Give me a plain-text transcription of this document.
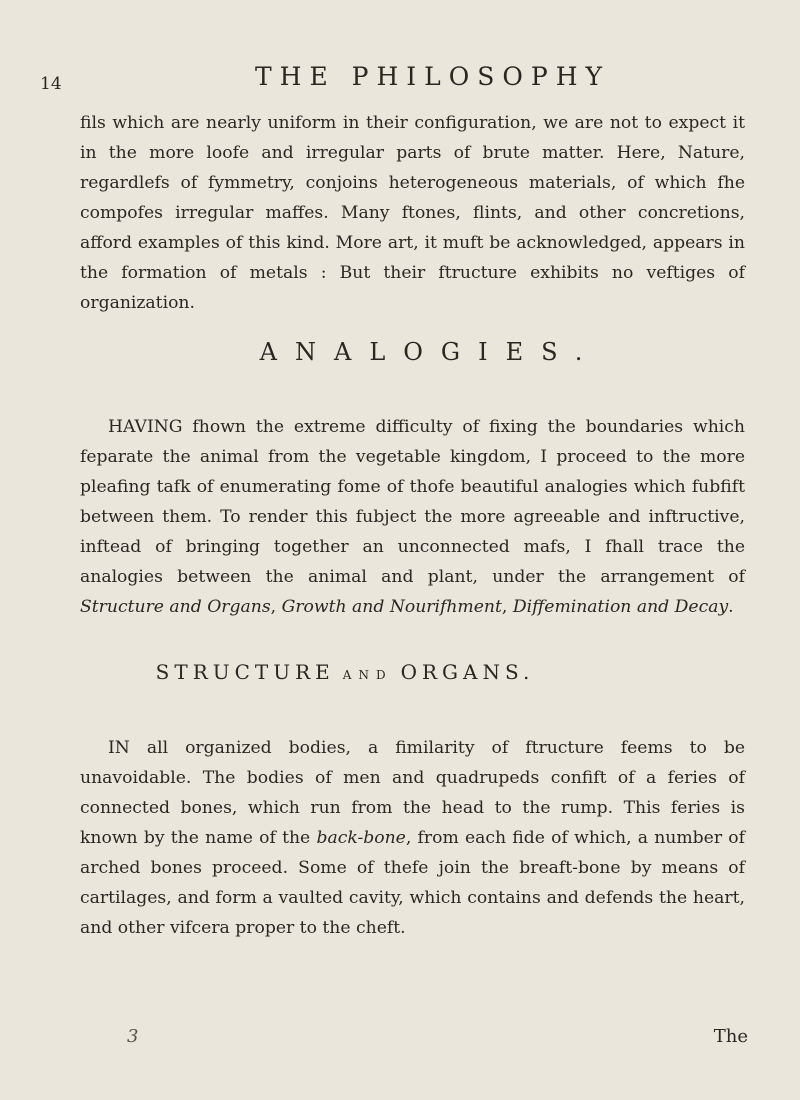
14	THE PHILOSOPHY

fils which are nearly uniform in their configuration, we are not to expect it in the more loofe and irregular parts of brute matter. Here, Nature, regardlefs of fymmetry, conjoins heterogeneous materials, of which fhe compofes irregular maffes. Many ftones, flints, and other concretions, afford examples of this kind. More art, it muft be acknowledged, appears in the formation of metals : But their ftructure exhibits no veftiges of organization.

ANALOGIES.

HAVING fhown the extreme difficulty of fixing the boundaries which feparate the animal from the vegetable kingdom, I proceed to the more pleafing tafk of enumerating fome of thofe beautiful analogies which fubfift between them. To render this fubject the more agreeable and inftructive, inftead of bringing together an unconnected mafs, I fhall trace the analogies between the animal and plant, under the arrangement of Structure and Organs, Growth and Nourifhment, Diffemination and Decay.

STRUCTURE AND ORGANS.

IN all organized bodies, a fimilarity of ftructure feems to be unavoidable. The bodies of men and quadrupeds confift of a feries of connected bones, which run from the head to the rump. This feries is known by the name of the back-bone, from each fide of which, a number of arched bones proceed. Some of thefe join the breaft-bone by means of cartilages, and form a vaulted cavity, which contains and defends the heart, and other vifcera proper to the cheft.

3	The
